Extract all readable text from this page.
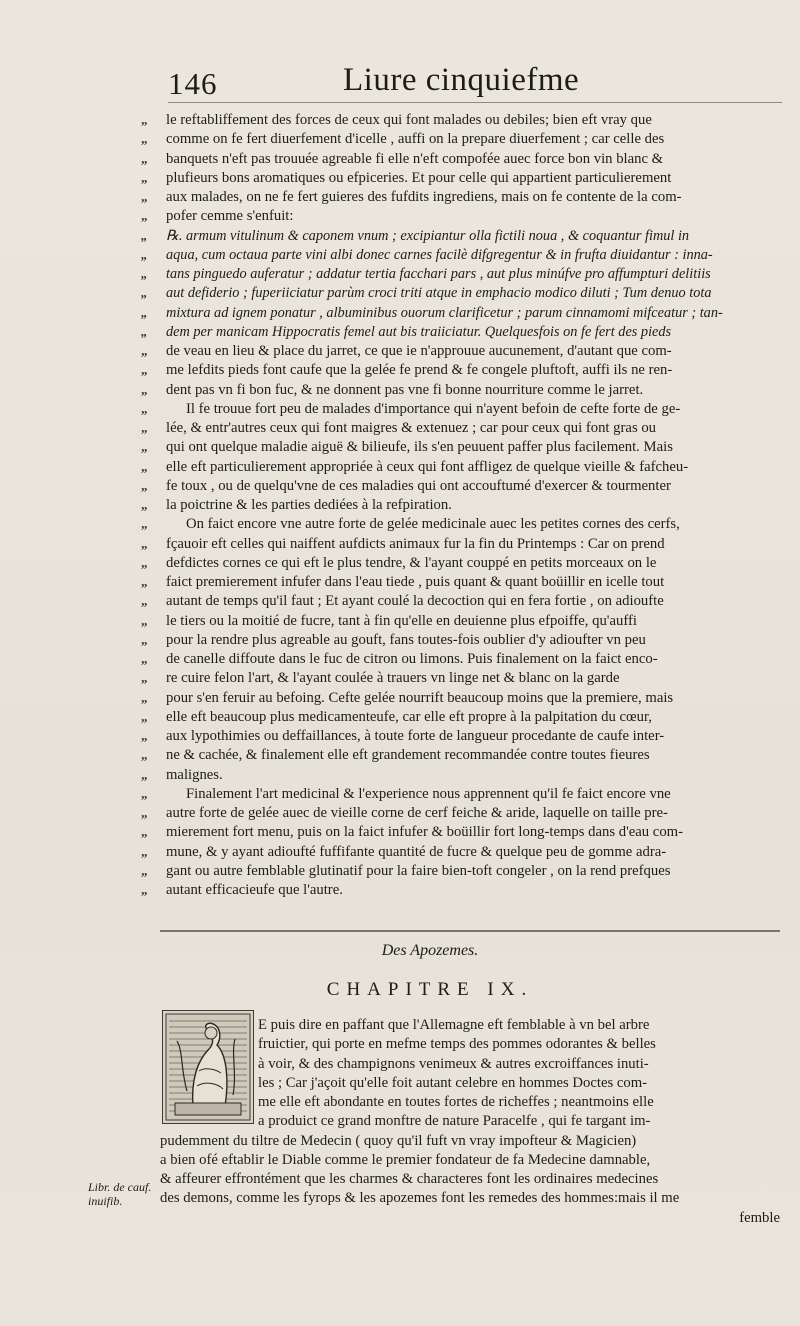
146	Liure cinquiefme
„ le reftabliffement des forces de ceux qui font malades ou debiles; bien eft vray que
„ comme on fe fert diuerfement d'icelle , auffi on la prepare diuerfement ; car celle des
„ banquets n'eft pas trouuée agreable fi elle n'eft compofée auec force bon vin blanc &
„ plufieurs bons aromatiques ou efpiceries. Et pour celle qui appartient particulierement
„ aux malades, on ne fe fert guieres des fufdits ingrediens, mais on fe contente de la com-
„ pofer cemme s'enfuit:
„ ℞. armum vitulinum & caponem vnum ; excipiantur olla fictili noua , & coquantur fimul in
„ aqua, cum octaua parte vini albi donec carnes facilè difgregentur & in frufta diuidantur : inna-
„ tans pinguedo auferatur ; addatur tertia facchari pars , aut plus minúfve pro affumpturi delitiis
„ aut defiderio ; fuperiiciatur parùm croci triti atque in emphacio modico diluti ; Tum denuo tota
„ mixtura ad ignem ponatur , albuminibus ouorum clarificetur ; parum cinnamomi mifceatur ; tan-
„ dem per manicam Hippocratis femel aut bis traiiciatur. Quelquesfois on fe fert des pieds
„ de veau en lieu & place du jarret, ce que ie n'approuue aucunement, d'autant que com-
„ me lefdits pieds font caufe que la gelée fe prend & fe congele pluftoft, auffi ils ne ren-
„ dent pas vn fi bon fuc, & ne donnent pas vne fi bonne nourriture comme le jarret.
„	Il fe trouue fort peu de malades d'importance qui n'ayent befoin de cefte forte de ge-
„ lée, & entr'autres ceux qui font maigres & extenuez ; car pour ceux qui font gras ou
„ qui ont quelque maladie aiguë & bilieufe, ils s'en peuuent paffer plus facilement. Mais
„ elle eft particulierement appropriée à ceux qui font affligez de quelque vieille & fafcheu-
„ fe toux , ou de quelqu'vne de ces maladies qui ont accouftumé d'exercer & tourmenter
„ la poictrine & les parties dediées à la refpiration.
„	On faict encore vne autre forte de gelée medicinale auec les petites cornes des cerfs,
„ fçauoir eft celles qui naiffent aufdicts animaux fur la fin du Printemps : Car on prend
„ defdictes cornes ce qui eft le plus tendre, & l'ayant couppé en petits morceaux on le
„ faict premierement infufer dans l'eau tiede , puis quant & quant boüillir en icelle tout
„ autant de temps qu'il faut ; Et ayant coulé la decoction qui en fera fortie , on adioufte
„ le tiers ou la moitié de fucre, tant à fin qu'elle en deuienne plus efpoiffe, qu'auffi
„ pour la rendre plus agreable au gouft, fans toutes-fois oublier d'y adioufter vn peu
„ de canelle diffoute dans le fuc de citron ou limons. Puis finalement on la faict enco-
„ re cuire felon l'art, & l'ayant coulée à trauers vn linge net & blanc on la garde
„ pour s'en feruir au befoing. Cefte gelée nourrift beaucoup moins que la premiere, mais
„ elle eft beaucoup plus medicamenteufe, car elle eft propre à la palpitation du cœur,
„ aux lypothimies ou deffaillances, à toute forte de langueur procedante de caufe inter-
„ ne & cachée, & finalement elle eft grandement recommandée contre toutes fieures
„ malignes.
„	Finalement l'art medicinal & l'experience nous apprennent qu'il fe faict encore vne
„ autre forte de gelée auec de vieille corne de cerf feiche & aride, laquelle on taille pre-
„ mierement fort menu, puis on la faict infufer & boüillir fort long-temps dans d'eau com-
„ mune, & y ayant adioufté fuffifante quantité de fucre & quelque peu de gomme adra-
„ gant ou autre femblable glutinatif pour la faire bien-toft congeler , on la rend prefques
„ autant efficacieufe que l'autre.
Des Apozemes.
CHAPITRE IX.
E puis dire en paffant que l'Allemagne eft femblable à vn bel arbre
fruictier, qui porte en mefme temps des pommes odorantes & belles
à voir, & des champignons venimeux & autres excroiffances inuti-
les ; Car j'açoit qu'elle foit autant celebre en hommes Doctes com-
me elle eft abondante en toutes fortes de richeffes ; neantmoins elle
a produict ce grand monftre de nature Paracelfe , qui fe targant im-
pudemment du tiltre de Medecin ( quoy qu'il fuft vn vray impofteur & Magicien)
a bien ofé eftablir le Diable comme le premier fondateur de fa Medecine damnable,
& affeurer effrontément que les charmes & characteres font les ordinaires medecines
des demons, comme les fyrops & les apozemes font les remedes des hommes:mais il me
femble
Libr. de cauf.
inuifib.
